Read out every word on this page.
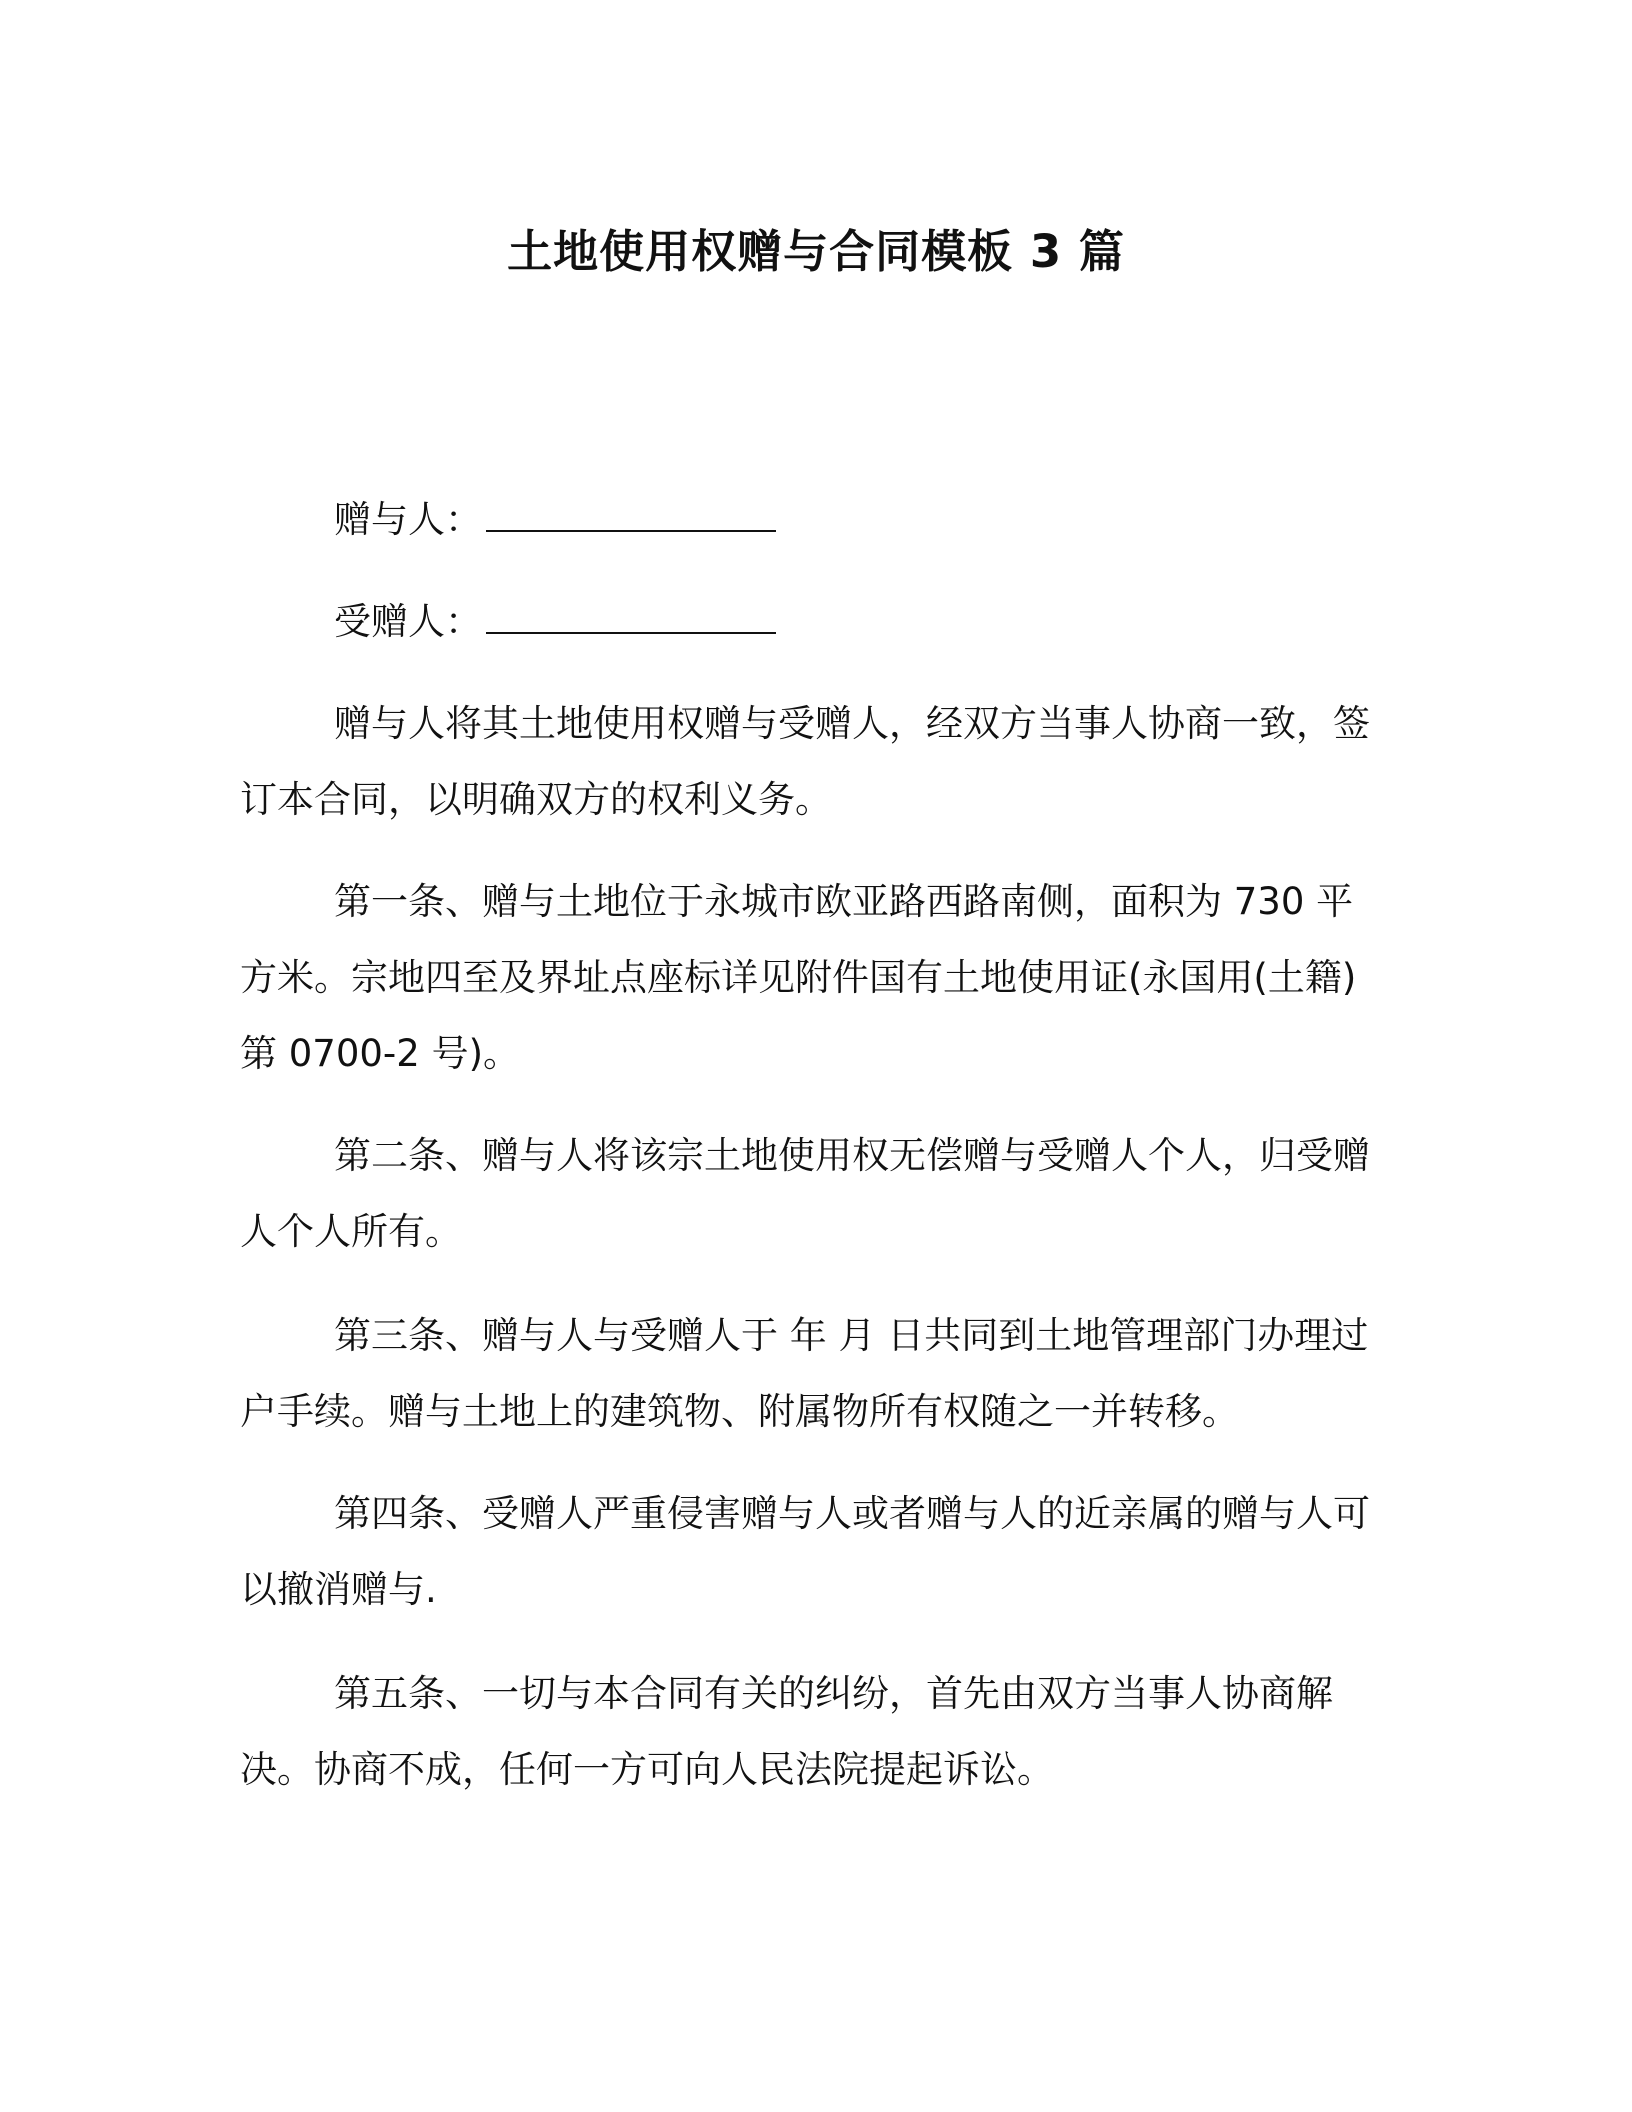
土地使用权赠与合同模板 3 篇

赠与人：

受赠人：

赠与人将其土地使用权赠与受赠人，经双方当事人协商一致，签订本合同，以明确双方的权利义务。

第一条、赠与土地位于永城市欧亚路西路南侧，面积为 730 平方米。宗地四至及界址点座标详见附件国有土地使用证(永国用(土籍)第 0700-2 号)。

第二条、赠与人将该宗土地使用权无偿赠与受赠人个人，归受赠人个人所有。

第三条、赠与人与受赠人于 年 月 日共同到土地管理部门办理过户手续。赠与土地上的建筑物、附属物所有权随之一并转移。

第四条、受赠人严重侵害赠与人或者赠与人的近亲属的赠与人可以撤消赠与.

第五条、一切与本合同有关的纠纷，首先由双方当事人协商解决。协商不成，任何一方可向人民法院提起诉讼。
